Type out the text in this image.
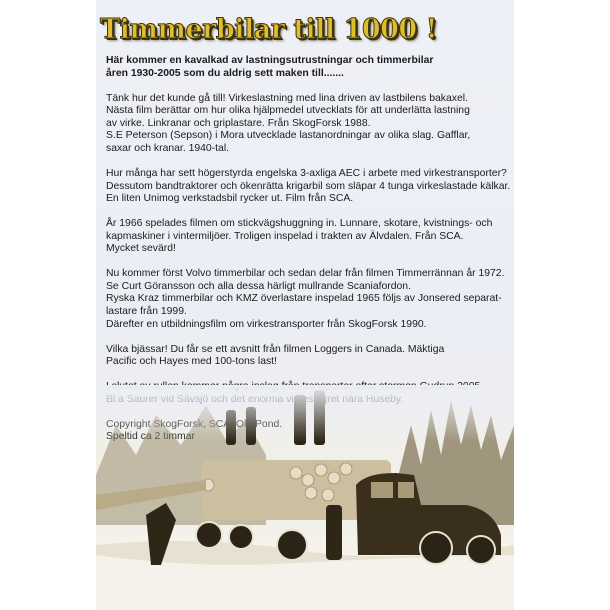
Timmerbilar till 1000 !

Här kommer en kavalkad av lastningsutrustningar och timmerbilar åren 1930-2005 som du aldrig sett maken till.......

Tänk hur det kunde gå till! Virkeslastning med lina driven av lastbilens bakaxel.
Nästa film berättar om hur olika hjälpmedel utvecklats för att underlätta lastning
av virke. Linkranar och griplastare. Från SkogForsk 1988.
S.E Peterson (Sepson) i Mora utvecklade lastanordningar av olika slag. Gafflar,
saxar och kranar. 1940-tal.

Hur många har sett högerstyrda engelska 3-axliga AEC i arbete med virkestransporter?
Dessutom bandtraktorer och ökenrätta krigarbil som släpar 4 tunga virkeslastade kälkar.
En liten Unimog verkstadsbil rycker ut. Film från SCA.

År 1966 spelades filmen om stickvägshuggning in. Lunnare, skotare, kvistnings- och
kapmaskiner i vintermiljöer. Troligen inspelad i trakten av Älvdalen. Från SCA.
Mycket sevärd!

Nu kommer först Volvo timmerbilar och sedan delar från filmen Timmerrännan år 1972.
Se Curt Göransson och alla dessa härligt mullrande Scaniafordon.
Ryska Kraz timmerbilar och KMZ överlastare inspelad 1965 följs av Jonsered separat-
lastare från 1999.
Därefter en utbildningsfilm om virkestransporter från SkogForsk 1990.

Vilka bjässar! Du får se ett avsnitt från filmen Loggers in Canada. Mäktiga
Pacific och Hayes med 100-tons last!
